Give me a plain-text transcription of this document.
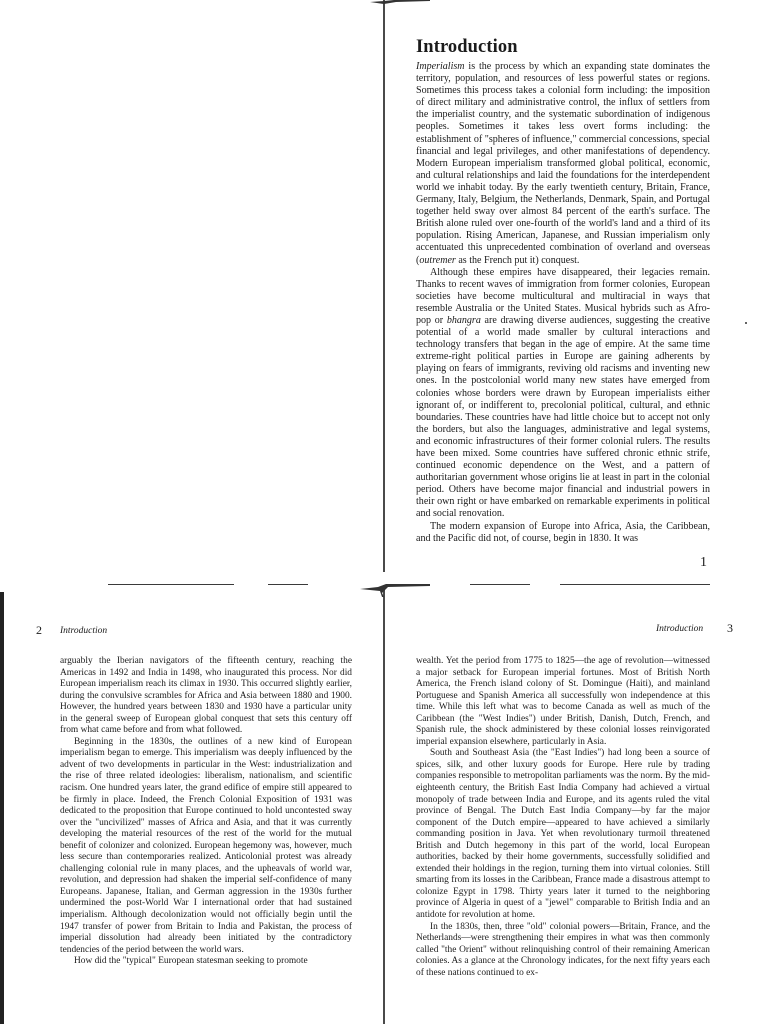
Introduction

Imperialism is the process by which an expanding state dominates the territory, population, and resources of less powerful states or regions. Sometimes this process takes a colonial form including: the imposition of direct military and administrative control, the influx of settlers from the imperialist country, and the systematic subordination of indigenous peoples. Sometimes it takes less overt forms including: the establishment of "spheres of influence," commercial concessions, special financial and legal privileges, and other manifestations of dependency. Modern European imperialism transformed global political, economic, and cultural relationships and laid the foundations for the interdependent world we inhabit today. By the early twentieth century, Britain, France, Germany, Italy, Belgium, the Netherlands, Denmark, Spain, and Portugal together held sway over almost 84 percent of the earth's surface. The British alone ruled over one-fourth of the world's land and a third of its population. Rising American, Japanese, and Russian imperialism only accentuated this unprecedented combination of overland and overseas (outremer as the French put it) conquest.

Although these empires have disappeared, their legacies remain. Thanks to recent waves of immigration from former colonies, European societies have become multicultural and multiracial in ways that resemble Australia or the United States. Musical hybrids such as Afro-pop or bhangra are drawing diverse audiences, suggesting the creative potential of a world made smaller by cultural interactions and technology transfers that began in the age of empire. At the same time extreme-right political parties in Europe are gaining adherents by playing on fears of immigrants, reviving old racisms and inventing new ones. In the postcolonial world many new states have emerged from colonies whose borders were drawn by European imperialists either ignorant of, or indifferent to, precolonial political, cultural, and ethnic boundaries. These countries have had little choice but to accept not only the borders, but also the languages, administrative and legal systems, and economic infrastructures of their former colonial rulers. The results have been mixed. Some countries have suffered chronic ethnic strife, continued economic dependence on the West, and a pattern of authoritarian government whose origins lie at least in part in the colonial period. Others have become major financial and industrial powers in their own right or have embarked on remarkable experiments in political and social renovation.

The modern expansion of Europe into Africa, Asia, the Caribbean, and the Pacific did not, of course, begin in 1830. It was

1
2 Introduction

arguably the Iberian navigators of the fifteenth century, reaching the Americas in 1492 and India in 1498, who inaugurated this process. Nor did European imperialism reach its climax in 1930. This occurred slightly earlier, during the convulsive scrambles for Africa and Asia between 1880 and 1900. However, the hundred years between 1830 and 1930 have a particular unity in the general sweep of European global conquest that sets this century off from what came before and from what followed.

Beginning in the 1830s, the outlines of a new kind of European imperialism began to emerge. This imperialism was deeply influenced by the advent of two developments in particular in the West: industrialization and the rise of three related ideologies: liberalism, nationalism, and scientific racism. One hundred years later, the grand edifice of empire still appeared to be firmly in place. Indeed, the French Colonial Exposition of 1931 was dedicated to the proposition that Europe continued to hold uncontested sway over the "uncivilized" masses of Africa and Asia, and that it was currently developing the material resources of the rest of the world for the mutual benefit of colonizer and colonized. European hegemony was, however, much less secure than contemporaries realized. Anticolonial protest was already challenging colonial rule in many places, and the upheavals of world war, revolution, and depression had shaken the imperial self-confidence of many Europeans. Japanese, Italian, and German aggression in the 1930s further undermined the post-World War I international order that had sustained imperialism. Although decolonization would not officially begin until the 1947 transfer of power from Britain to India and Pakistan, the process of imperial dissolution had already been initiated by the contradictory tendencies of the period between the world wars.

How did the "typical" European statesman seeking to promote

Introduction 3

wealth. Yet the period from 1775 to 1825—the age of revolution—witnessed a major setback for European imperial fortunes. Most of British North America, the French island colony of St. Domingue (Haiti), and mainland Portuguese and Spanish America all successfully won independence at this time. While this left what was to become Canada as well as much of the Caribbean (the "West Indies") under British, Danish, Dutch, French, and Spanish rule, the shock administered by these colonial losses reinvigorated imperial expansion elsewhere, particularly in Asia.

South and Southeast Asia (the "East Indies") had long been a source of spices, silk, and other luxury goods for Europe. Here rule by trading companies responsible to metropolitan parliaments was the norm. By the mid-eighteenth century, the British East India Company had achieved a virtual monopoly of trade between India and Europe, and its agents ruled the vital province of Bengal. The Dutch East India Company—by far the major component of the Dutch empire—appeared to have achieved a similarly commanding position in Java. Yet when revolutionary turmoil threatened British and Dutch hegemony in this part of the world, local European authorities, backed by their home governments, successfully solidified and extended their holdings in the region, turning them into virtual colonies. Still smarting from its losses in the Caribbean, France made a disastrous attempt to colonize Egypt in 1798. Thirty years later it turned to the neighboring province of Algeria in quest of a "jewel" comparable to British India and an antidote for revolution at home.

In the 1830s, then, three "old" colonial powers—Britain, France, and the Netherlands—were strengthening their empires in what was then commonly called "the Orient" without relinquishing control of their remaining American colonies. As a glance at the Chronology indicates, for the next fifty years each of these nations continued to ex-
